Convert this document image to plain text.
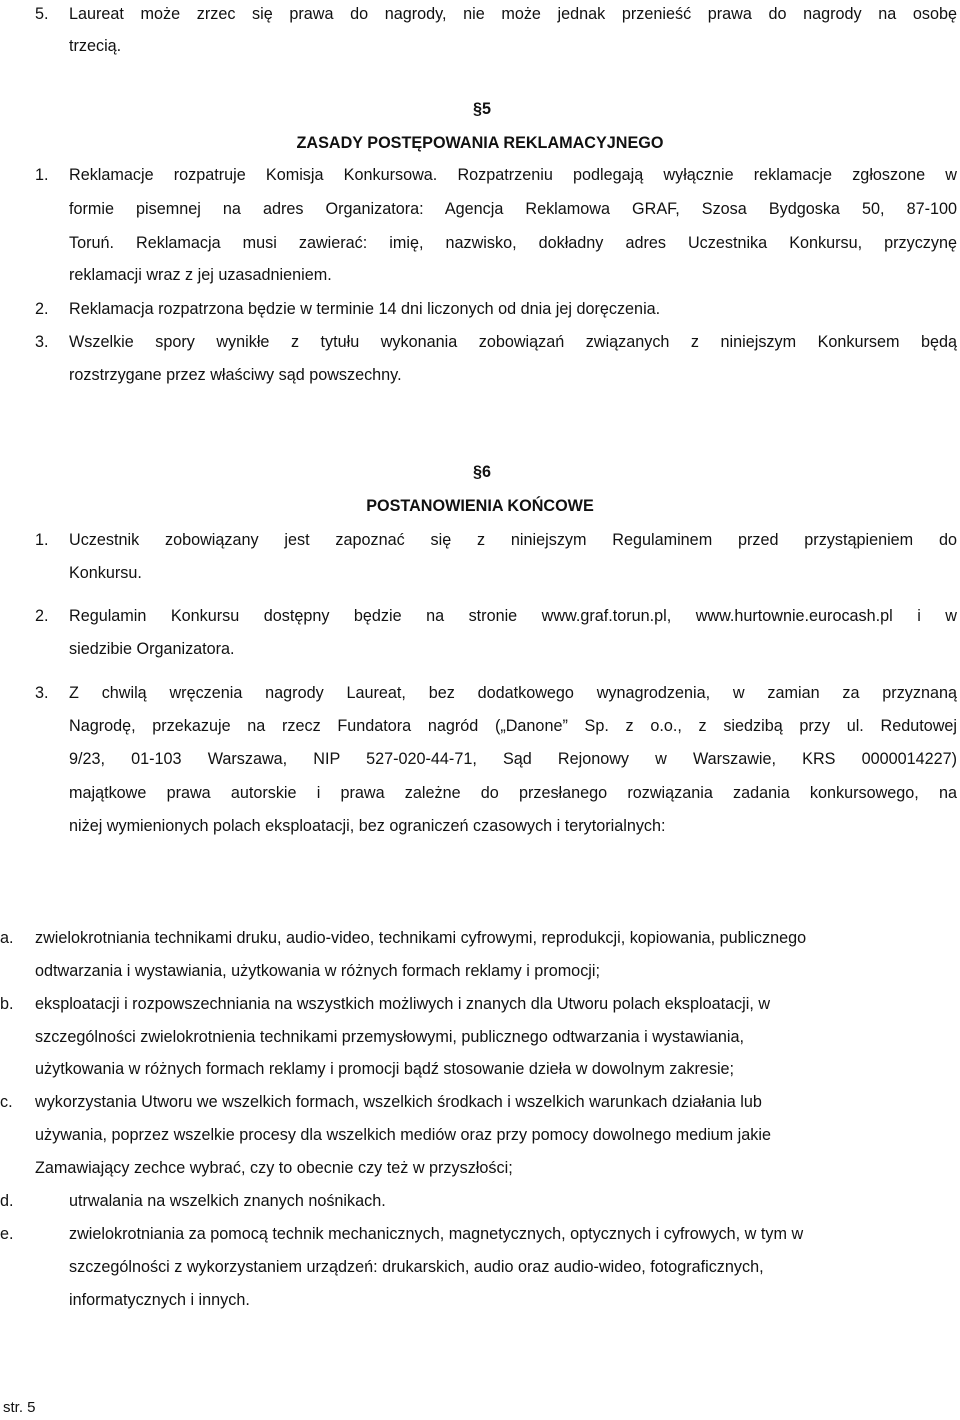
5. Laureat może zrzec się prawa do nagrody, nie może jednak przenieść prawa do nagrody na osobę
trzecią.
§5
ZASADY POSTĘPOWANIA REKLAMACYJNEGO
1. Reklamacje rozpatruje Komisja Konkursowa. Rozpatrzeniu podlegają wyłącznie reklamacje zgłoszone w
formie pisemnej na adres Organizatora: Agencja Reklamowa GRAF, Szosa Bydgoska 50, 87-100
Toruń. Reklamacja musi zawierać: imię, nazwisko, dokładny adres Uczestnika Konkursu, przyczynę
reklamacji wraz z jej uzasadnieniem.
2. Reklamacja rozpatrzona będzie w terminie 14 dni liczonych od dnia jej doręczenia.
3. Wszelkie spory wynikłe z tytułu wykonania zobowiązań związanych z niniejszym Konkursem będą
rozstrzygane przez właściwy sąd powszechny.
§6
POSTANOWIENIA KOŃCOWE
1. Uczestnik zobowiązany jest zapoznać się z niniejszym Regulaminem przed przystąpieniem do
Konkursu.
2. Regulamin Konkursu dostępny będzie na stronie www.graf.torun.pl, www.hurtownie.eurocash.pl i w
siedzibie Organizatora.
3. Z chwilą wręczenia nagrody Laureat, bez dodatkowego wynagrodzenia, w zamian za przyznaną
Nagrodę, przekazuje na rzecz Fundatora nagród („Danone” Sp. z o.o., z siedzibą przy ul. Redutowej
9/23, 01-103 Warszawa, NIP 527-020-44-71, Sąd Rejonowy w Warszawie, KRS 0000014227)
majątkowe prawa autorskie i prawa zależne do przesłanego rozwiązania zadania konkursowego, na
niżej wymienionych polach eksploatacji, bez ograniczeń czasowych i terytorialnych:
a. zwielokrotniania technikami druku, audio-video, technikami cyfrowymi, reprodukcji, kopiowania, publicznego
odtwarzania i wystawiania, użytkowania w różnych formach reklamy i promocji;
b. eksploatacji i rozpowszechniania na wszystkich możliwych i znanych dla Utworu polach eksploatacji, w
szczególności zwielokrotnienia technikami przemysłowymi, publicznego odtwarzania i wystawiania,
użytkowania w różnych formach reklamy i promocji bądź stosowanie dzieła w dowolnym zakresie;
c. wykorzystania Utworu we wszelkich formach, wszelkich środkach i wszelkich warunkach działania lub
używania, poprzez wszelkie procesy dla wszelkich mediów oraz przy pomocy dowolnego medium jakie
Zamawiający zechce wybrać, czy to obecnie czy też w przyszłości;
d.	utrwalania na wszelkich znanych nośnikach.
e.	zwielokrotniania za pomocą technik mechanicznych, magnetycznych, optycznych i cyfrowych, w tym w
szczególności z wykorzystaniem urządzeń: drukarskich, audio oraz audio-wideo, fotograficznych,
informatycznych i innych.
str. 5
